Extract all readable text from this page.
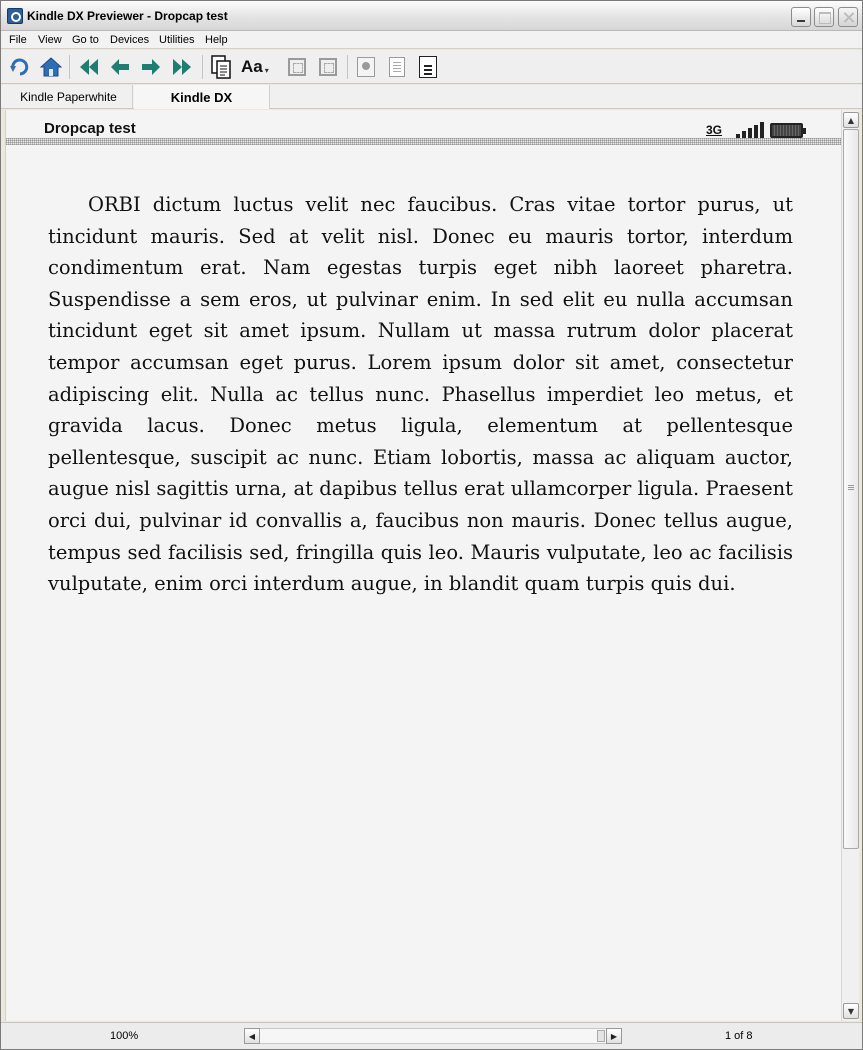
Kindle DX Previewer - Dropcap test
File View Go to Devices Utilities Help
Aa ▾
Kindle Paperwhite	Kindle DX
Dropcap test	3G

ORBI dictum luctus velit nec faucibus. Cras vitae tortor purus, ut tincidunt mauris. Sed at velit nisl. Donec eu mauris tortor, interdum condimentum erat. Nam egestas turpis eget nibh laoreet pharetra. Suspendisse a sem eros, ut pulvinar enim. In sed elit eu nulla accumsan tincidunt eget sit amet ipsum. Nullam ut massa rutrum dolor placerat tempor accumsan eget purus. Lorem ipsum dolor sit amet, consectetur adipiscing elit. Nulla ac tellus nunc. Phasellus imperdiet leo metus, et gravida lacus. Donec metus ligula, elementum at pellentesque pellentesque, suscipit ac nunc. Etiam lobortis, massa ac aliquam auctor, augue nisl sagittis urna, at dapibus tellus erat ullamcorper ligula. Praesent orci dui, pulvinar id convallis a, faucibus non mauris. Donec tellus augue, tempus sed facilisis sed, fringilla quis leo. Mauris vulputate, leo ac facilisis vulputate, enim orci interdum augue, in blandit quam turpis quis dui.

▲
▼
100%	◀	▶	1 of 8
